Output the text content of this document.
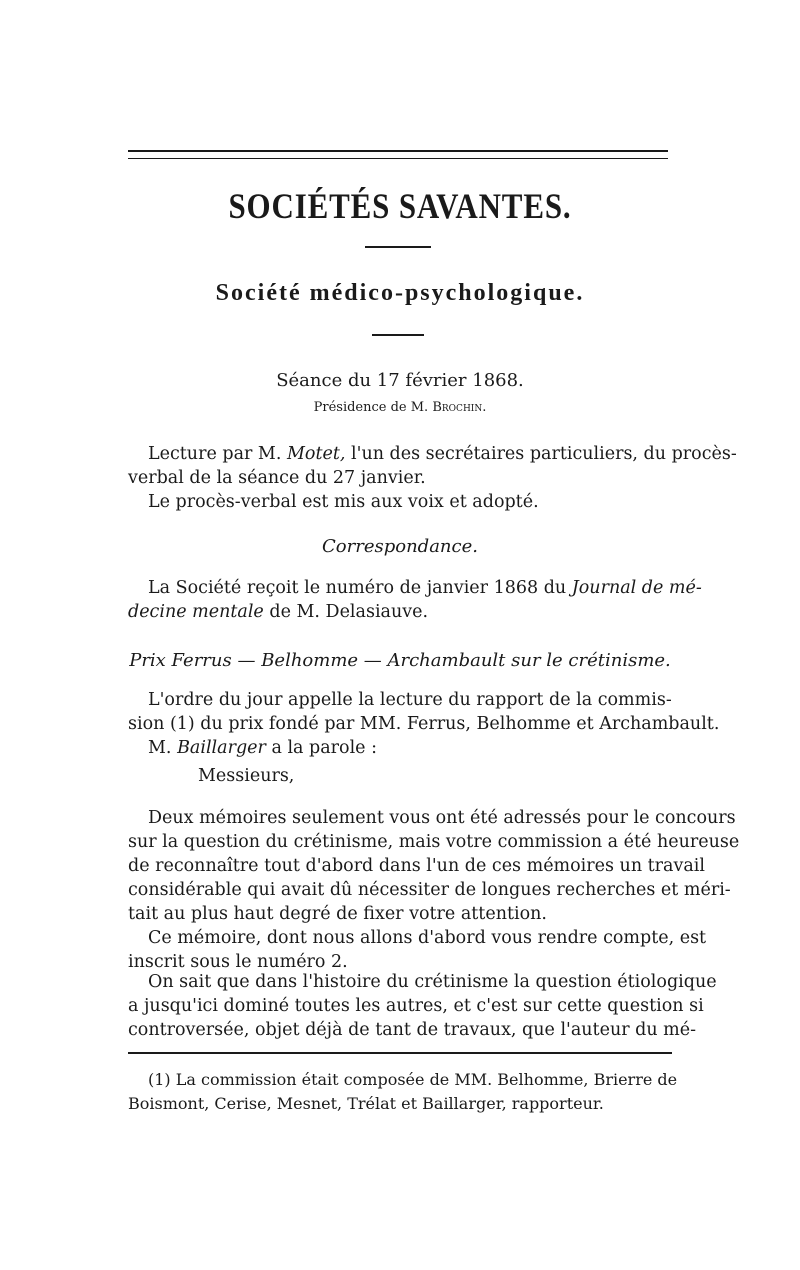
SOCIÉTÉS SAVANTES.
Société médico-psychologique.
Séance du 17 février 1868.
Présidence de M. Brochin.
Lecture par M. Motet, l'un des secrétaires particuliers, du procès-
verbal de la séance du 27 janvier.
Le procès-verbal est mis aux voix et adopté.
Correspondance.
La Société reçoit le numéro de janvier 1868 du Journal de mé-
decine mentale de M. Delasiauve.
Prix Ferrus — Belhomme — Archambault sur le crétinisme.
L'ordre du jour appelle la lecture du rapport de la commis-
sion (1) du prix fondé par MM. Ferrus, Belhomme et Archambault.
M. Baillarger a la parole :
Messieurs,
Deux mémoires seulement vous ont été adressés pour le concours
sur la question du crétinisme, mais votre commission a été heureuse
de reconnaître tout d'abord dans l'un de ces mémoires un travail
considérable qui avait dû nécessiter de longues recherches et méri-
tait au plus haut degré de fixer votre attention.
Ce mémoire, dont nous allons d'abord vous rendre compte, est
inscrit sous le numéro 2.
On sait que dans l'histoire du crétinisme la question étiologique
a jusqu'ici dominé toutes les autres, et c'est sur cette question si
controversée, objet déjà de tant de travaux, que l'auteur du mé-
(1) La commission était composée de MM. Belhomme, Brierre de
Boismont, Cerise, Mesnet, Trélat et Baillarger, rapporteur.
